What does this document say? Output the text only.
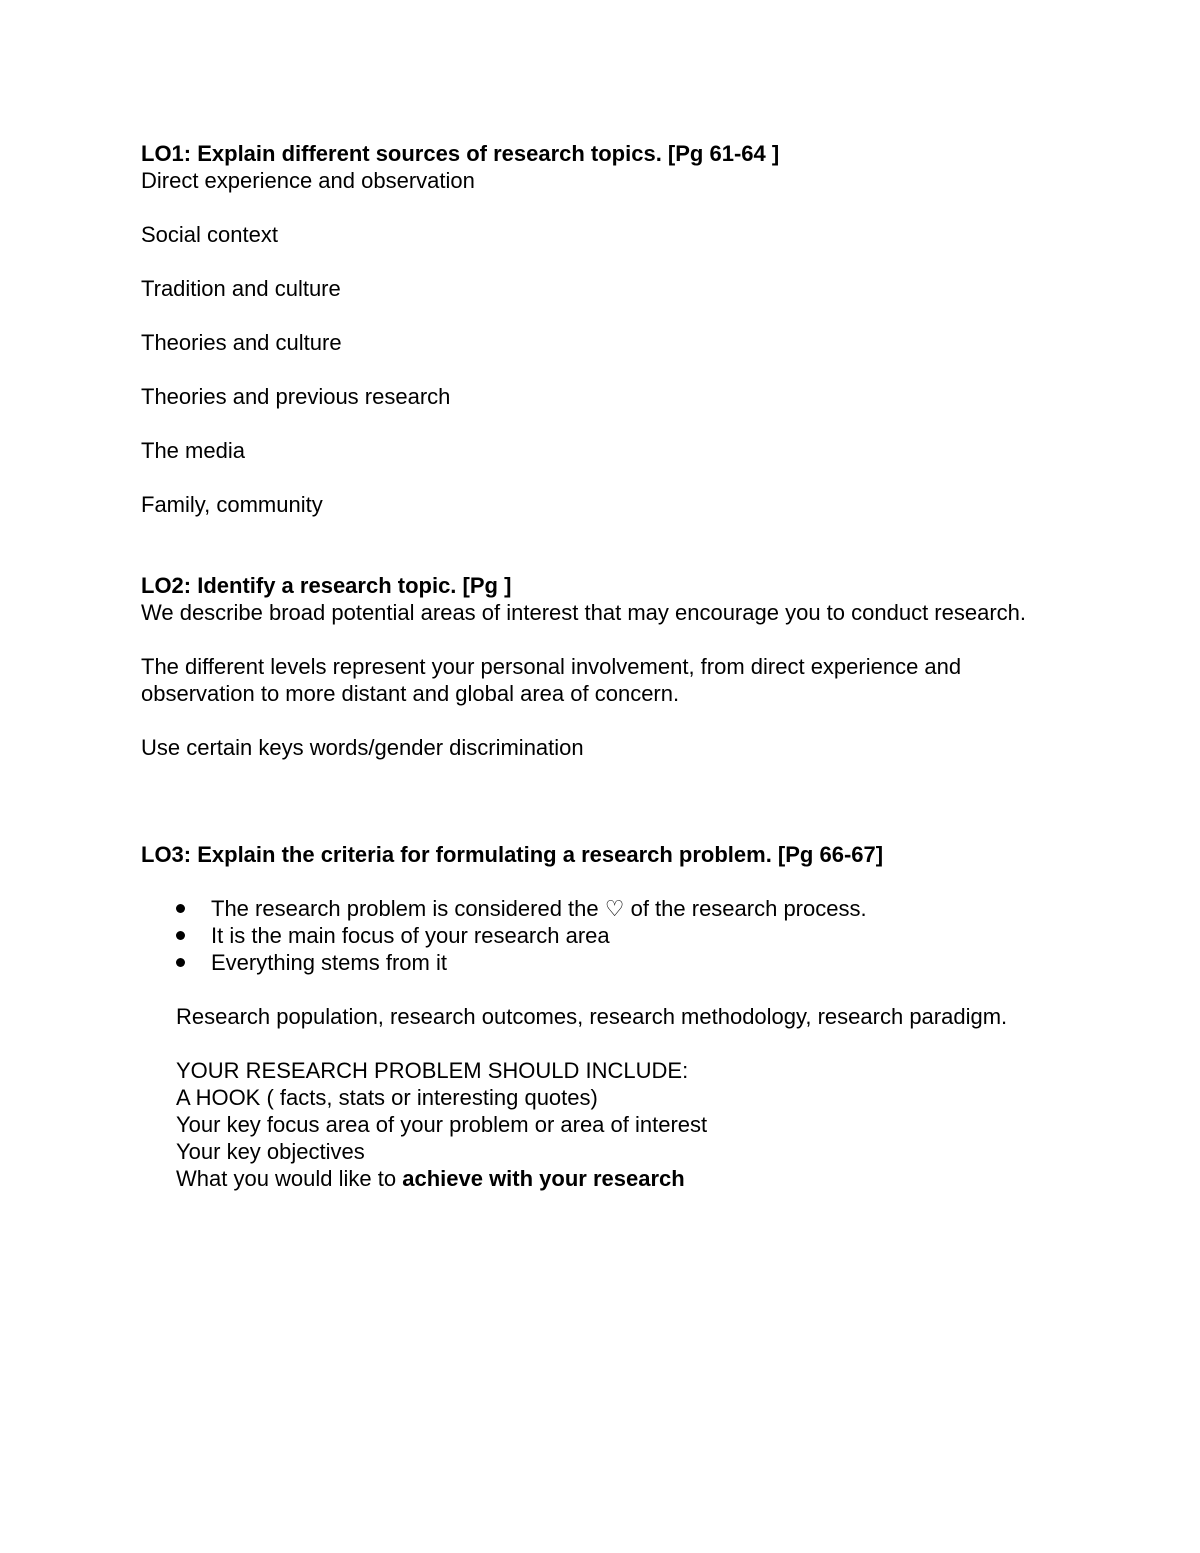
LO1: Explain different sources of research topics. [Pg 61-64 ]

Direct experience and observation

Social context

Tradition and culture

Theories and culture

Theories and previous research

The media

Family, community

LO2: Identify a research topic. [Pg ]

We describe broad potential areas of interest that may encourage you to conduct research.

The different levels represent your personal involvement, from direct experience and observation to more distant and global area of concern.

Use certain keys words/gender discrimination

LO3: Explain the criteria for formulating a research problem. [Pg 66-67]

The research problem is considered the ♡ of the research process.
It is the main focus of your research area
Everything stems from it

Research population, research outcomes, research methodology, research paradigm.

YOUR RESEARCH PROBLEM SHOULD INCLUDE:

A HOOK ( facts, stats or interesting quotes)

Your key focus area of your problem or area of interest

Your key objectives

What you would like to achieve with your research
